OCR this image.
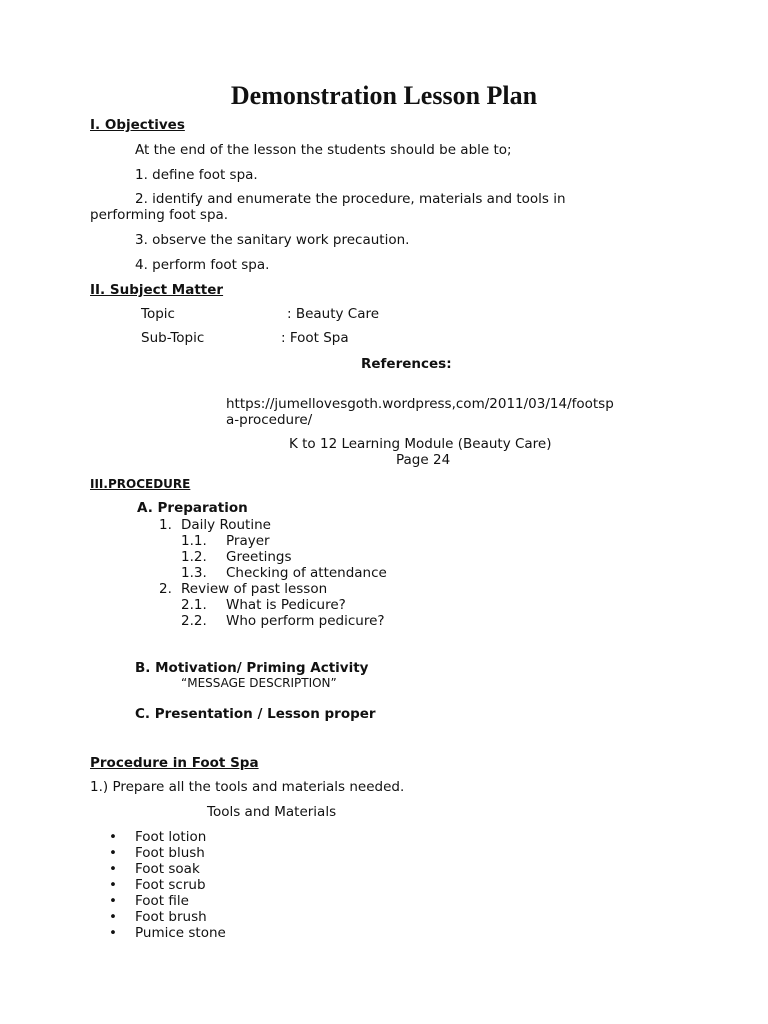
Demonstration Lesson Plan
I. Objectives
At the end of the lesson the students should be able to;
1. define foot spa.
2. identify and enumerate the procedure, materials and tools in
performing foot spa.
3. observe the sanitary work precaution.
4. perform foot spa.
II. Subject Matter
Topic	: Beauty Care
Sub-Topic	: Foot Spa
References:
https://jumellovesgoth.wordpress,com/2011/03/14/footsp
a-procedure/
K to 12 Learning Module (Beauty Care)
Page 24
III.PROCEDURE
A. Preparation
1. Daily Routine
1.1. Prayer
1.2. Greetings
1.3. Checking of attendance
2. Review of past lesson
2.1. What is Pedicure?
2.2. Who perform pedicure?
B. Motivation/ Priming Activity
“MESSAGE DESCRIPTION”
C. Presentation / Lesson proper
Procedure in Foot Spa
1.) Prepare all the tools and materials needed.
Tools and Materials
• Foot lotion
• Foot blush
• Foot soak
• Foot scrub
• Foot file
• Foot brush
• Pumice stone
